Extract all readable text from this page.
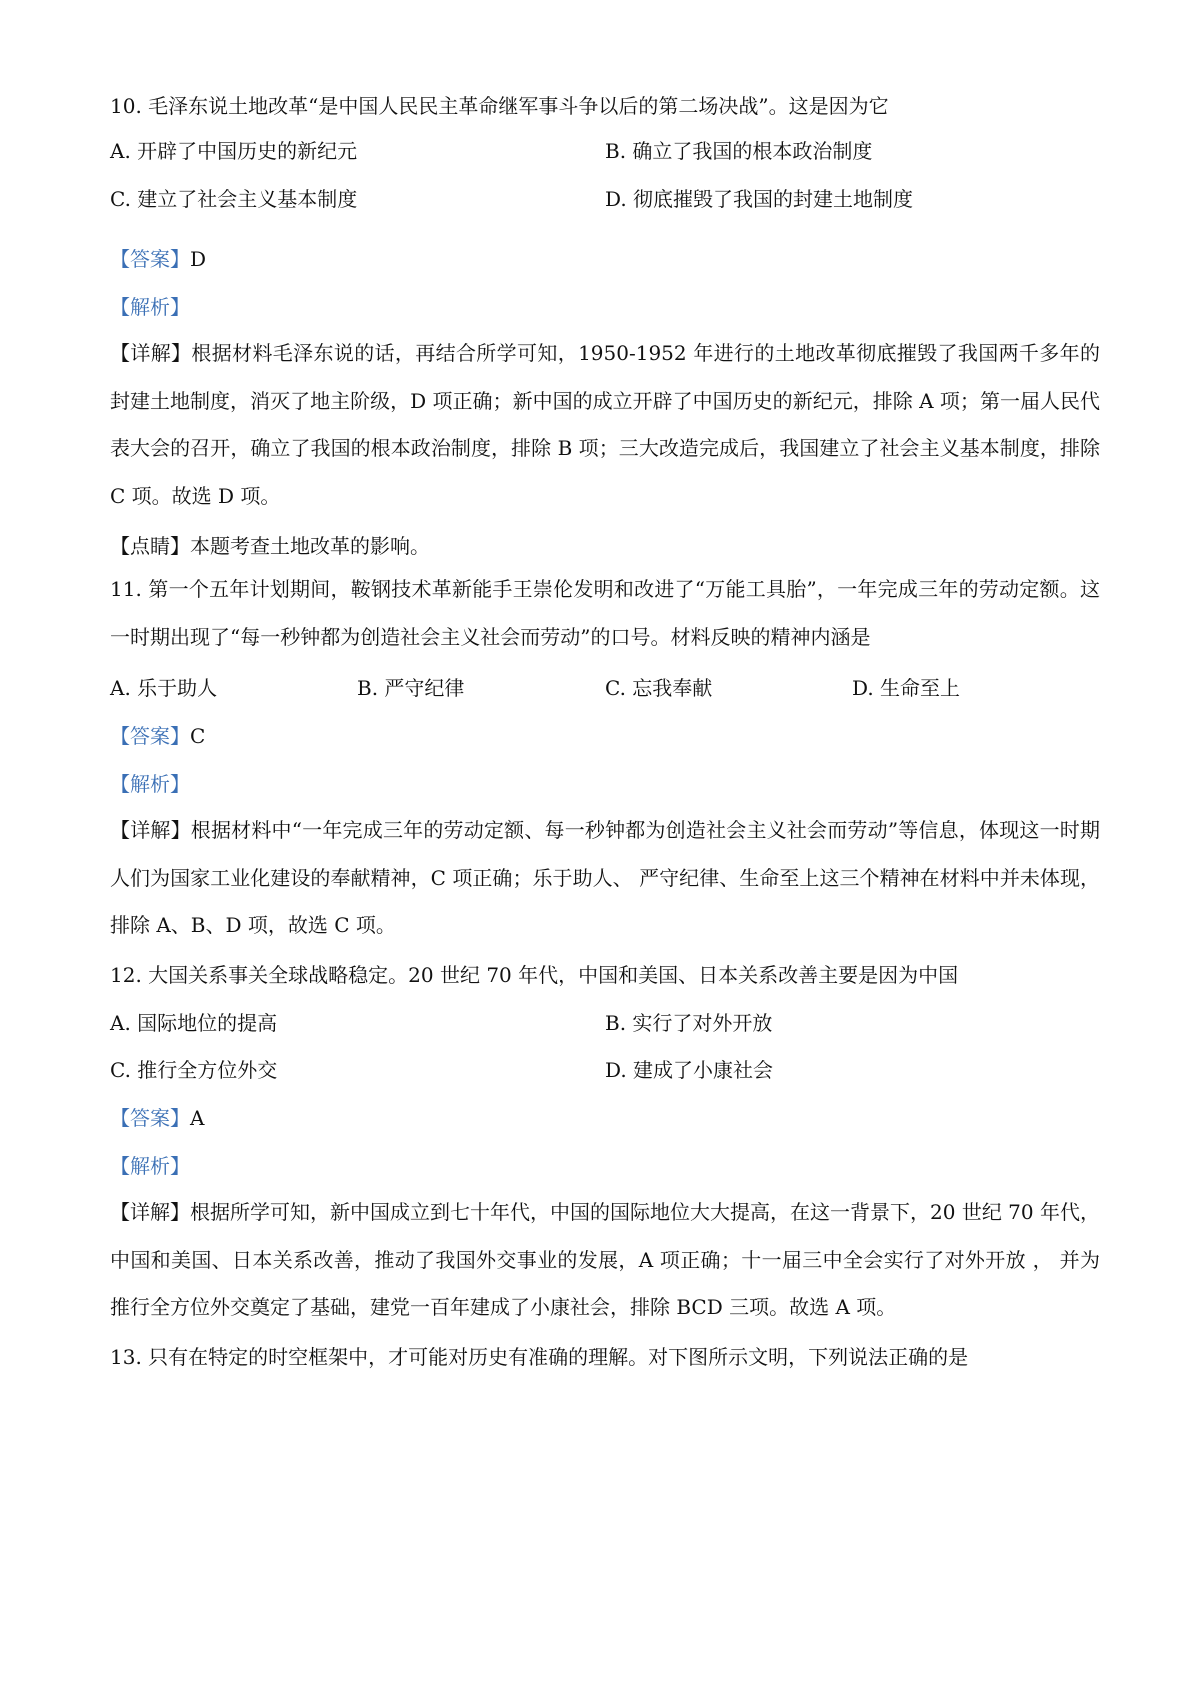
10. 毛泽东说土地改革“是中国人民民主革命继军事斗争以后的第二场决战”。这是因为它
A. 开辟了中国历史的新纪元	B. 确立了我国的根本政治制度
C. 建立了社会主义基本制度	D. 彻底摧毁了我国的封建土地制度
【答案】D
【解析】

【详解】根据材料毛泽东说的话，再结合所学可知，1950-1952 年进行的土地改革彻底摧毁了我国两千多年的封建土地制度，消灭了地主阶级，D 项正确；新中国的成立开辟了中国历史的新纪元，排除 A 项；第一届人民代表大会的召开，确立了我国的根本政治制度，排除 B 项；三大改造完成后，我国建立了社会主义基本制度，排除 C 项。故选 D 项。

【点睛】本题考查土地改革的影响。

11. 第一个五年计划期间，鞍钢技术革新能手王崇伦发明和改进了“万能工具胎”，一年完成三年的劳动定额。这一时期出现了“每一秒钟都为创造社会主义社会而劳动”的口号。材料反映的精神内涵是

A. 乐于助人	B. 严守纪律	C. 忘我奉献	D. 生命至上
【答案】C
【解析】

【详解】根据材料中“一年完成三年的劳动定额、每一秒钟都为创造社会主义社会而劳动”等信息，体现这一时期人们为国家工业化建设的奉献精神，C 项正确；乐于助人、 严守纪律、生命至上这三个精神在材料中并未体现，排除 A、B、D 项，故选 C 项。

12. 大国关系事关全球战略稳定。20 世纪 70 年代，中国和美国、日本关系改善主要是因为中国
A. 国际地位的提高	B. 实行了对外开放
C. 推行全方位外交	D. 建成了小康社会
【答案】A
【解析】

【详解】根据所学可知，新中国成立到七十年代，中国的国际地位大大提高，在这一背景下，20 世纪 70 年代，中国和美国、日本关系改善，推动了我国外交事业的发展，A 项正确；十一届三中全会实行了对外开放 ， 并为推行全方位外交奠定了基础，建党一百年建成了小康社会，排除 BCD 三项。故选 A 项。

13. 只有在特定的时空框架中，才可能对历史有准确的理解。对下图所示文明，下列说法正确的是
